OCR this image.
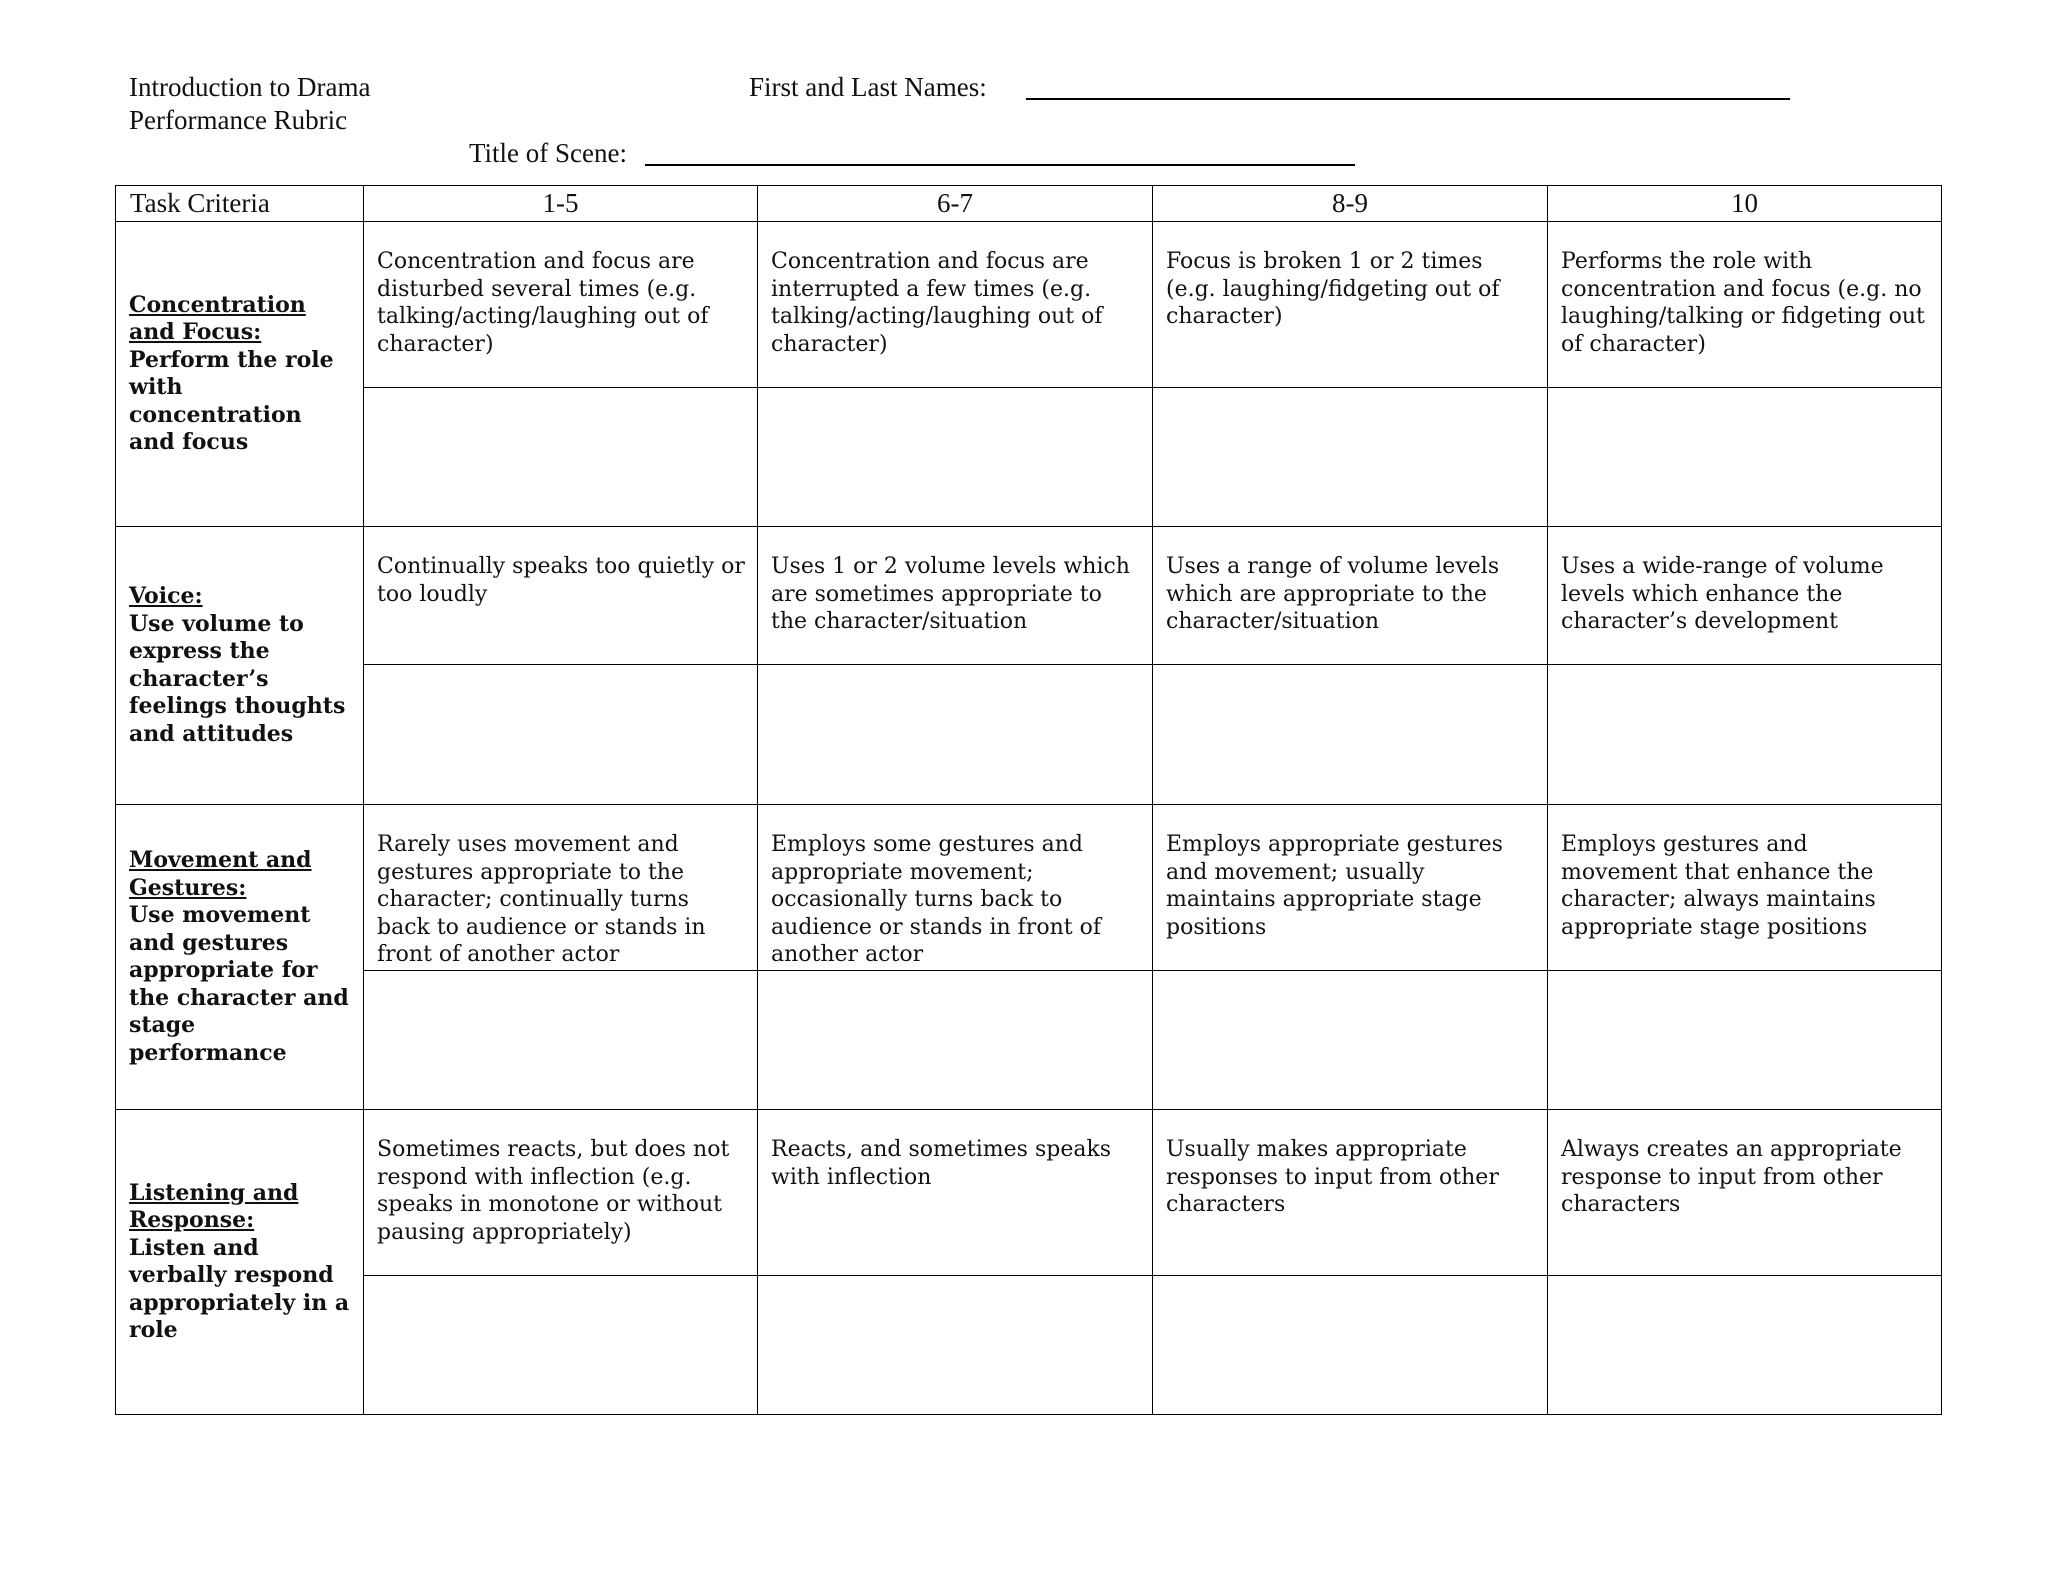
Introduction to Drama

Performance Rubric

First and Last Names:

Title of Scene:

Task Criteria	1-5	6-7	8-9	10

Concentration and Focus:
Perform the role with concentration and focus	Concentration and focus are disturbed several times (e.g. talking/acting/laughing out of character)	Concentration and focus are interrupted a few times (e.g. talking/acting/laughing out of character)	Focus is broken 1 or 2 times (e.g. laughing/fidgeting out of character)	Performs the role with concentration and focus (e.g. no laughing/talking or fidgeting out of character)

Voice:
Use volume to express the character’s feelings thoughts and attitudes	Continually speaks too quietly or too loudly	Uses 1 or 2 volume levels which are sometimes appropriate to the character/situation	Uses a range of volume levels which are appropriate to the character/situation	Uses a wide-range of volume levels which enhance the character’s development

Movement and Gestures:
Use movement and gestures appropriate for the character and stage performance	Rarely uses movement and gestures appropriate to the character; continually turns back to audience or stands in front of another actor	Employs some gestures and appropriate movement; occasionally turns back to audience or stands in front of another actor	Employs appropriate gestures and movement; usually maintains appropriate stage positions	Employs gestures and movement that enhance the character; always maintains appropriate stage positions

Listening and Response:
Listen and verbally respond appropriately in a role	Sometimes reacts, but does not respond with inflection (e.g. speaks in monotone or without pausing appropriately)	Reacts, and sometimes speaks with inflection	Usually makes appropriate responses to input from other characters	Always creates an appropriate response to input from other characters
